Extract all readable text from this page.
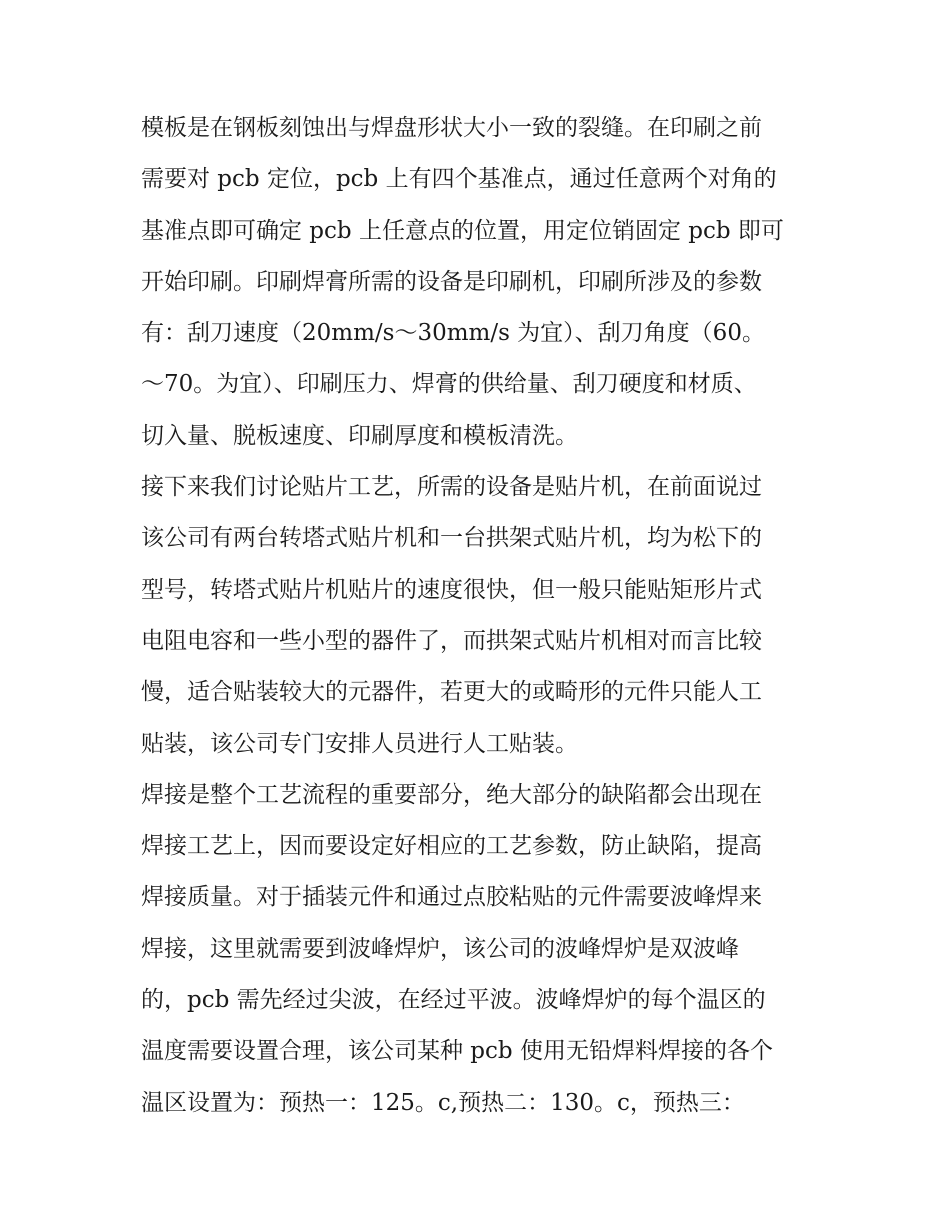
模板是在钢板刻蚀出与焊盘形状大小一致的裂缝。在印刷之前
需要对 pcb 定位，pcb 上有四个基准点，通过任意两个对角的
基准点即可确定 pcb 上任意点的位置，用定位销固定 pcb 即可
开始印刷。印刷焊膏所需的设备是印刷机，印刷所涉及的参数
有：刮刀速度（20mm/s～30mm/s 为宜）、刮刀角度（60。
～70。为宜）、印刷压力、焊膏的供给量、刮刀硬度和材质、
切入量、脱板速度、印刷厚度和模板清洗。
接下来我们讨论贴片工艺，所需的设备是贴片机，在前面说过
该公司有两台转塔式贴片机和一台拱架式贴片机，均为松下的
型号，转塔式贴片机贴片的速度很快，但一般只能贴矩形片式
电阻电容和一些小型的器件了，而拱架式贴片机相对而言比较
慢，适合贴装较大的元器件，若更大的或畸形的元件只能人工
贴装，该公司专门安排人员进行人工贴装。
焊接是整个工艺流程的重要部分，绝大部分的缺陷都会出现在
焊接工艺上，因而要设定好相应的工艺参数，防止缺陷，提高
焊接质量。对于插装元件和通过点胶粘贴的元件需要波峰焊来
焊接，这里就需要到波峰焊炉，该公司的波峰焊炉是双波峰
的，pcb 需先经过尖波，在经过平波。波峰焊炉的每个温区的
温度需要设置合理，该公司某种 pcb 使用无铅焊料焊接的各个
温区设置为：预热一：125。c,预热二：130。c，预热三：
